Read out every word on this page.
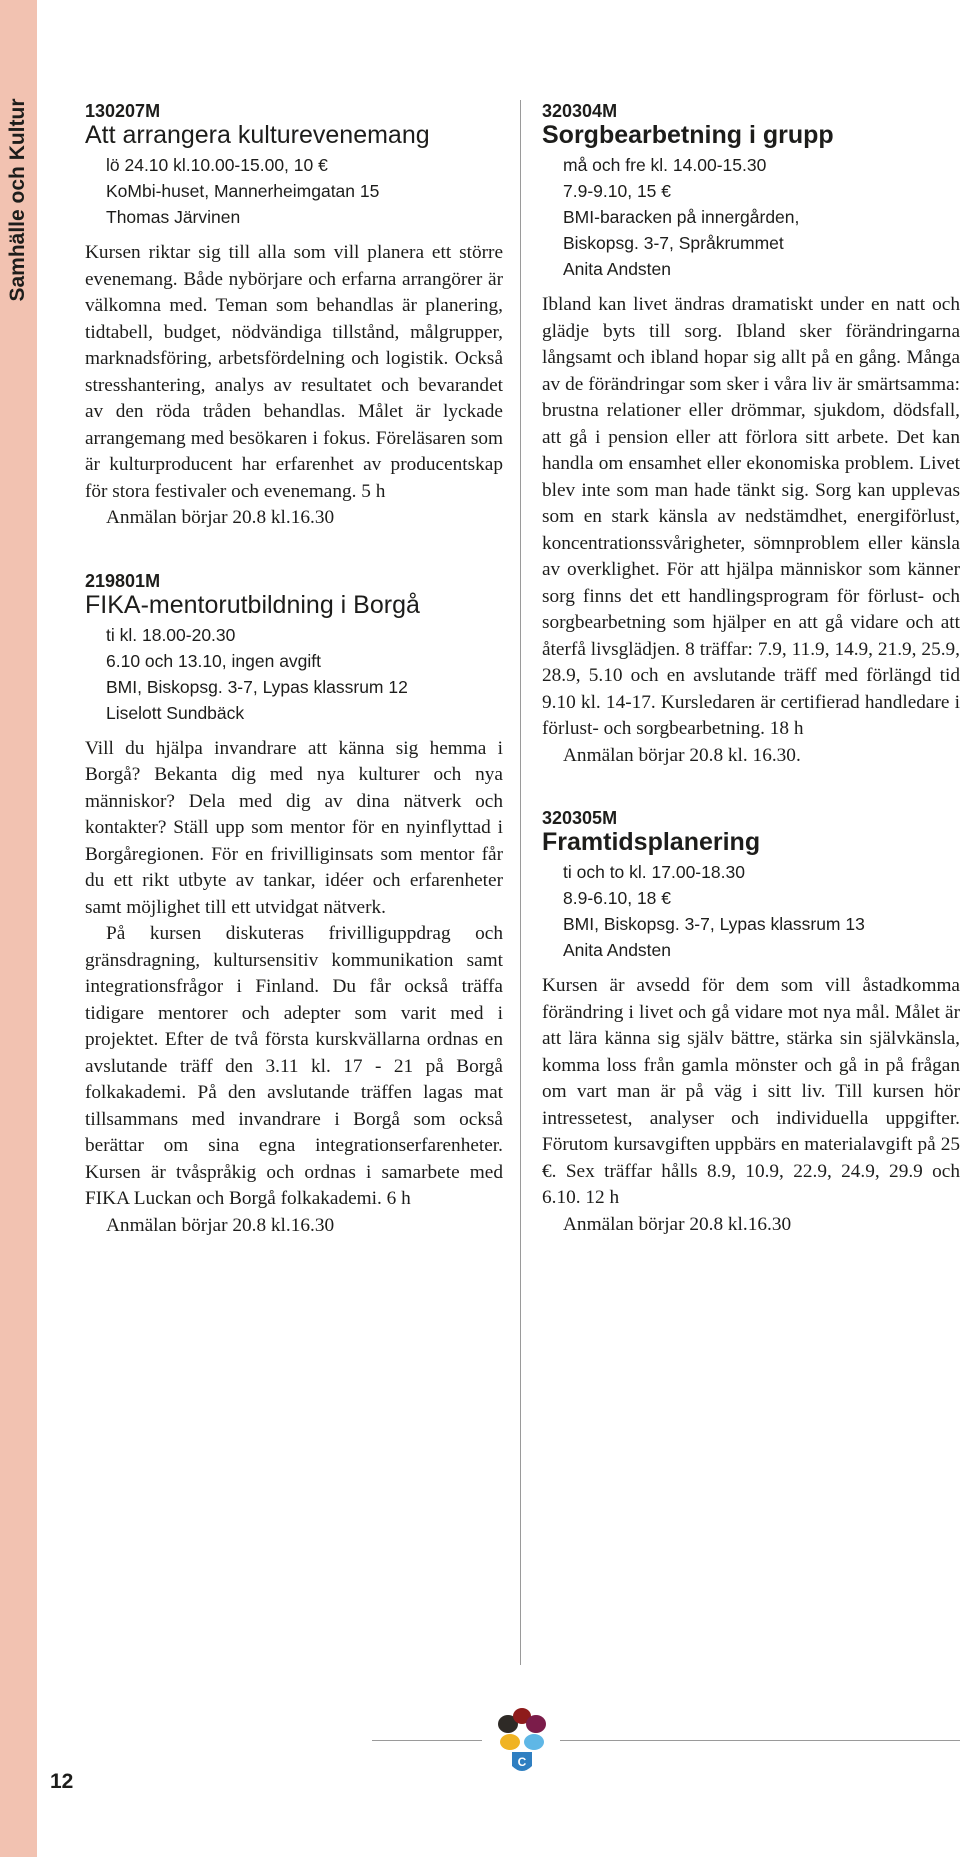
Samhälle och Kultur	130207M
Att arrangera kulturevenemang
lö 24.10 kl.10.00-15.00, 10 €
KoMbi-huset, Mannerheimgatan 15
Thomas Järvinen

Kursen riktar sig till alla som vill planera ett större evenemang. Både nybörjare och erfarna arrangörer är välkomna med. Teman som behandlas är planering, tidtabell, budget, nödvändiga tillstånd, målgrupper, marknadsföring, arbetsfördelning och logistik. Också stresshantering, analys av resultatet och bevarandet av den röda tråden behandlas. Målet är lyckade arrangemang med besökaren i fokus. Föreläsaren som är kulturproducent har erfarenhet av producentskap för stora festivaler och evenemang. 5 h

Anmälan börjar 20.8 kl.16.30
219801M
FIKA-mentorutbildning i Borgå
ti kl. 18.00-20.30
6.10 och 13.10, ingen avgift
BMI, Biskopsg. 3-7, Lypas klassrum 12
Liselott Sundbäck

Vill du hjälpa invandrare att känna sig hemma i Borgå? Bekanta dig med nya kulturer och nya människor? Dela med dig av dina nätverk och kontakter? Ställ upp som mentor för en nyinflyttad i Borgåregionen. För en frivilliginsats som mentor får du ett rikt utbyte av tankar, idéer och erfarenheter samt möjlighet till ett utvidgat nätverk.

På kursen diskuteras frivilliguppdrag och gränsdragning, kultursensitiv kommunikation samt integrationsfrågor i Finland. Du får också träffa tidigare mentorer och adepter som varit med i projektet. Efter de två första kurskvällarna ordnas en avslutande träff den 3.11 kl. 17 - 21 på Borgå folkakademi. På den avslutande träffen lagas mat tillsammans med invandrare i Borgå som också berättar om sina egna integrationserfarenheter. Kursen är tvåspråkig och ordnas i samarbete med FIKA Luckan och Borgå folkakademi. 6 h

Anmälan börjar 20.8 kl.16.30
320304M
Sorgbearbetning i grupp
må och fre kl. 14.00-15.30
7.9-9.10, 15 €
BMI-baracken på innergården,
Biskopsg. 3-7, Språkrummet
Anita Andsten

Ibland kan livet ändras dramatiskt under en natt och glädje byts till sorg. Ibland sker förändringarna långsamt och ibland hopar sig allt på en gång. Många av de förändringar som sker i våra liv är smärtsamma: brustna relationer eller drömmar, sjukdom, dödsfall, att gå i pension eller att förlora sitt arbete. Det kan handla om ensamhet eller ekonomiska problem. Livet blev inte som man hade tänkt sig. Sorg kan upplevas som en stark känsla av nedstämdhet, energiförlust, koncentrationssvårigheter, sömnproblem eller känsla av overklighet. För att hjälpa människor som känner sorg finns det ett handlingsprogram för förlust- och sorgbearbetning som hjälper en att gå vidare och att återfå livsglädjen. 8 träffar: 7.9, 11.9, 14.9, 21.9, 25.9, 28.9, 5.10 och en avslutande träff med förlängd tid 9.10 kl. 14-17. Kursledaren är certifierad handledare i förlust- och sorgbearbetning. 18 h

Anmälan börjar 20.8 kl. 16.30.
320305M
Framtidsplanering
ti och to kl. 17.00-18.30
8.9-6.10, 18 €
BMI, Biskopsg. 3-7, Lypas klassrum 13
Anita Andsten

Kursen är avsedd för dem som vill åstadkomma förändring i livet och gå vidare mot nya mål. Målet är att lära känna sig själv bättre, stärka sin självkänsla, komma loss från gamla mönster och gå in på frågan om vart man är på väg i sitt liv. Till kursen hör intressetest, analyser och individuella uppgifter. Förutom kursavgiften uppbärs en materialavgift på 25 €. Sex träffar hålls 8.9, 10.9, 22.9, 24.9, 29.9 och 6.10. 12 h

Anmälan börjar 20.8 kl.16.30
C
12
